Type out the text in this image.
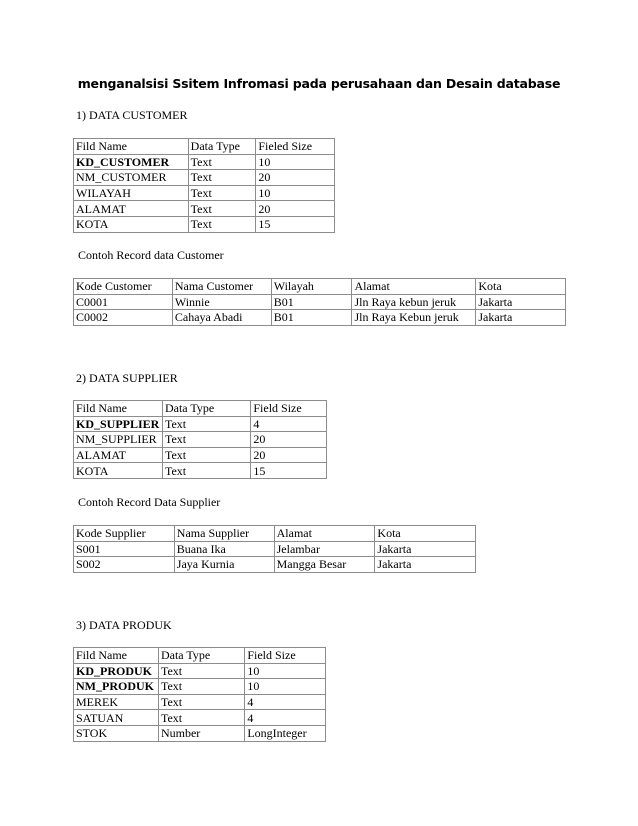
menganalsisi Ssitem Infromasi pada perusahaan dan Desain database
1) DATA CUSTOMER
Fild Name	Data Type	Fieled Size
KD_CUSTOMER	Text	10
NM_CUSTOMER	Text	20
WILAYAH	Text	10
ALAMAT	Text	20
KOTA	Text	15
Contoh Record data Customer
Kode Customer	Nama Customer	Wilayah	Alamat	Kota
C0001	Winnie	B01	Jln Raya kebun jeruk	Jakarta
C0002	Cahaya Abadi	B01	Jln Raya Kebun jeruk	Jakarta
2) DATA SUPPLIER
Fild Name	Data Type	Field Size
KD_SUPPLIER	Text	4
NM_SUPPLIER	Text	20
ALAMAT	Text	20
KOTA	Text	15
Contoh Record Data Supplier
Kode Supplier	Nama Supplier	Alamat	Kota
S001	Buana Ika	Jelambar	Jakarta
S002	Jaya Kurnia	Mangga Besar	Jakarta
3) DATA PRODUK
Fild Name	Data Type	Field Size
KD_PRODUK	Text	10
NM_PRODUK	Text	10
MEREK	Text	4
SATUAN	Text	4
STOK	Number	LongInteger
